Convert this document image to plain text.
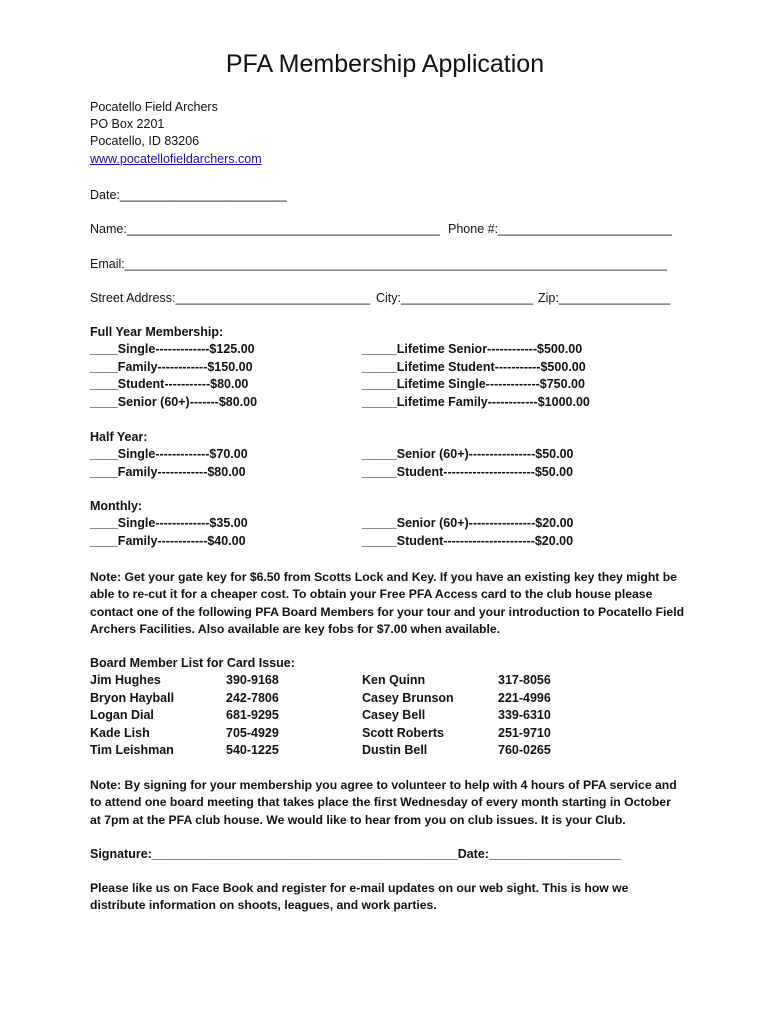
PFA Membership Application
Pocatello Field Archers
PO Box 2201
Pocatello, ID 83206
www.pocatellofieldarchers.com
Date:________________________
Name:_____________________________________________ Phone #:_________________________
Email:______________________________________________________________________________
Street Address:____________________________ City:___________________ Zip:________________
Full Year Membership:
____Single-------------$125.00
____Family------------$150.00
____Student-----------$80.00
____Senior (60+)-------$80.00
_____Lifetime Senior------------$500.00
_____Lifetime Student-----------$500.00
_____Lifetime Single-------------$750.00
_____Lifetime Family------------$1000.00
Half Year:
____Single-------------$70.00
____Family------------$80.00
_____Senior (60+)----------------$50.00
_____Student----------------------$50.00
Monthly:
____Single-------------$35.00
____Family------------$40.00
_____Senior (60+)----------------$20.00
_____Student----------------------$20.00
Note: Get your gate key for $6.50 from Scotts Lock and Key. If you have an existing key they might be able to re-cut it for a cheaper cost. To obtain your Free PFA Access card to the club house please contact one of the following PFA Board Members for your tour and your introduction to Pocatello Field Archers Facilities. Also available are key fobs for $7.00 when available.
Board Member List for Card Issue:
Jim Hughes
Bryon Hayball
Logan Dial
Kade Lish
Tim Leishman
390-9168
242-7806
681-9295
705-4929
540-1225
Ken Quinn
Casey Brunson
Casey Bell
Scott Roberts
Dustin Bell
317-8056
221-4996
339-6310
251-9710
760-0265
Note: By signing for your membership you agree to volunteer to help with 4 hours of PFA service and to attend one board meeting that takes place the first Wednesday of every month starting in October at 7pm at the PFA club house. We would like to hear from you on club issues. It is your Club.
Signature:____________________________________________Date:___________________
Please like us on Face Book and register for e-mail updates on our web sight. This is how we distribute information on shoots, leagues, and work parties.
